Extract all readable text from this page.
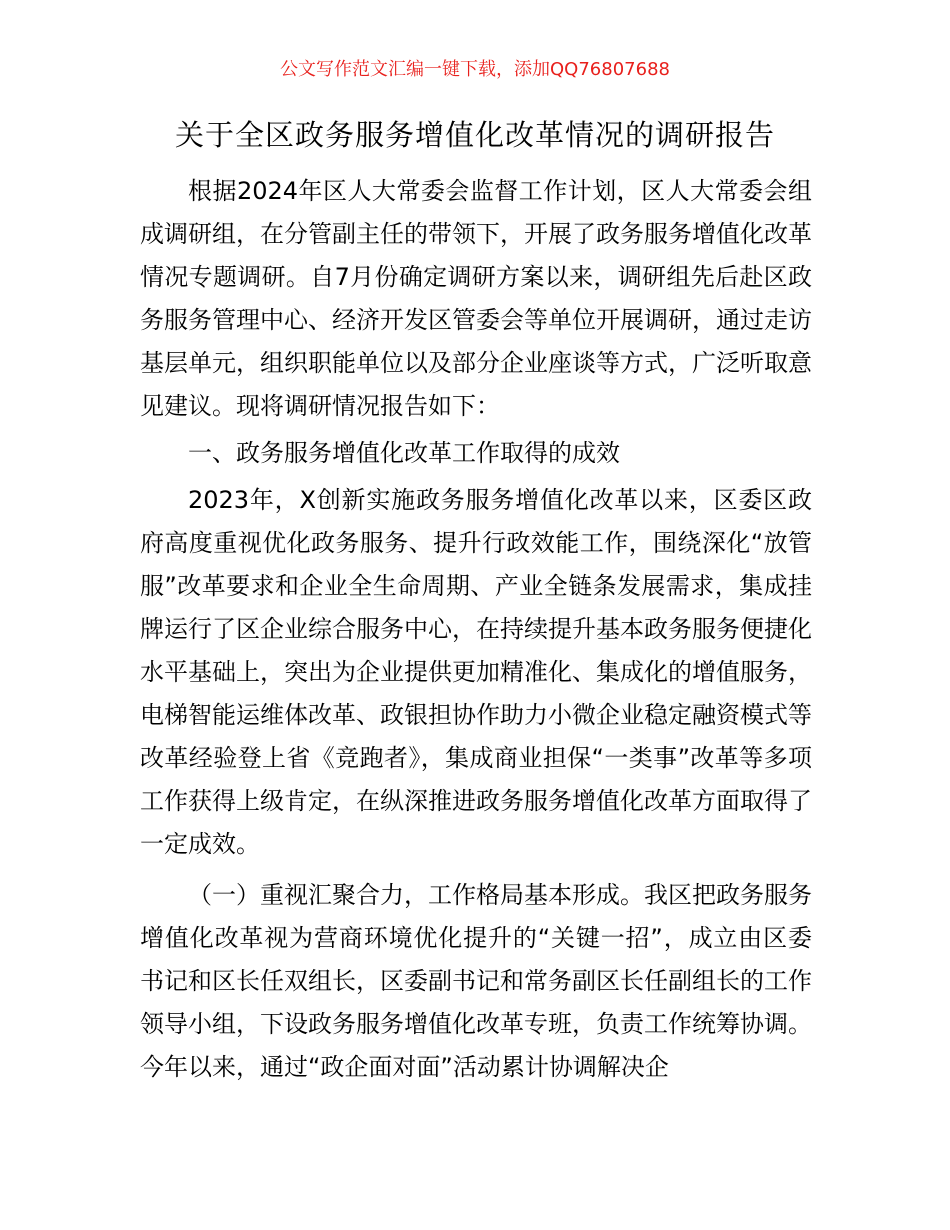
公文写作范文汇编一键下载，添加QQ76807688
关于全区政务服务增值化改革情况的调研报告

根据2024年区人大常委会监督工作计划，区人大常委会组成调研组，在分管副主任的带领下，开展了政务服务增值化改革情况专题调研。自7月份确定调研方案以来，调研组先后赴区政务服务管理中心、经济开发区管委会等单位开展调研，通过走访基层单元，组织职能单位以及部分企业座谈等方式，广泛听取意见建议。现将调研情况报告如下：

一、政务服务增值化改革工作取得的成效

2023年，X创新实施政务服务增值化改革以来，区委区政府高度重视优化政务服务、提升行政效能工作，围绕深化“放管服”改革要求和企业全生命周期、产业全链条发展需求，集成挂牌运行了区企业综合服务中心，在持续提升基本政务服务便捷化水平基础上，突出为企业提供更加精准化、集成化的增值服务，电梯智能运维体改革、政银担协作助力小微企业稳定融资模式等改革经验登上省《竞跑者》，集成商业担保“一类事”改革等多项工作获得上级肯定，在纵深推进政务服务增值化改革方面取得了一定成效。

（一）重视汇聚合力，工作格局基本形成。我区把政务服务增值化改革视为营商环境优化提升的“关键一招”，成立由区委书记和区长任双组长，区委副书记和常务副区长任副组长的工作领导小组，下设政务服务增值化改革专班，负责工作统筹协调。今年以来，通过“政企面对面”活动累计协调解决企
